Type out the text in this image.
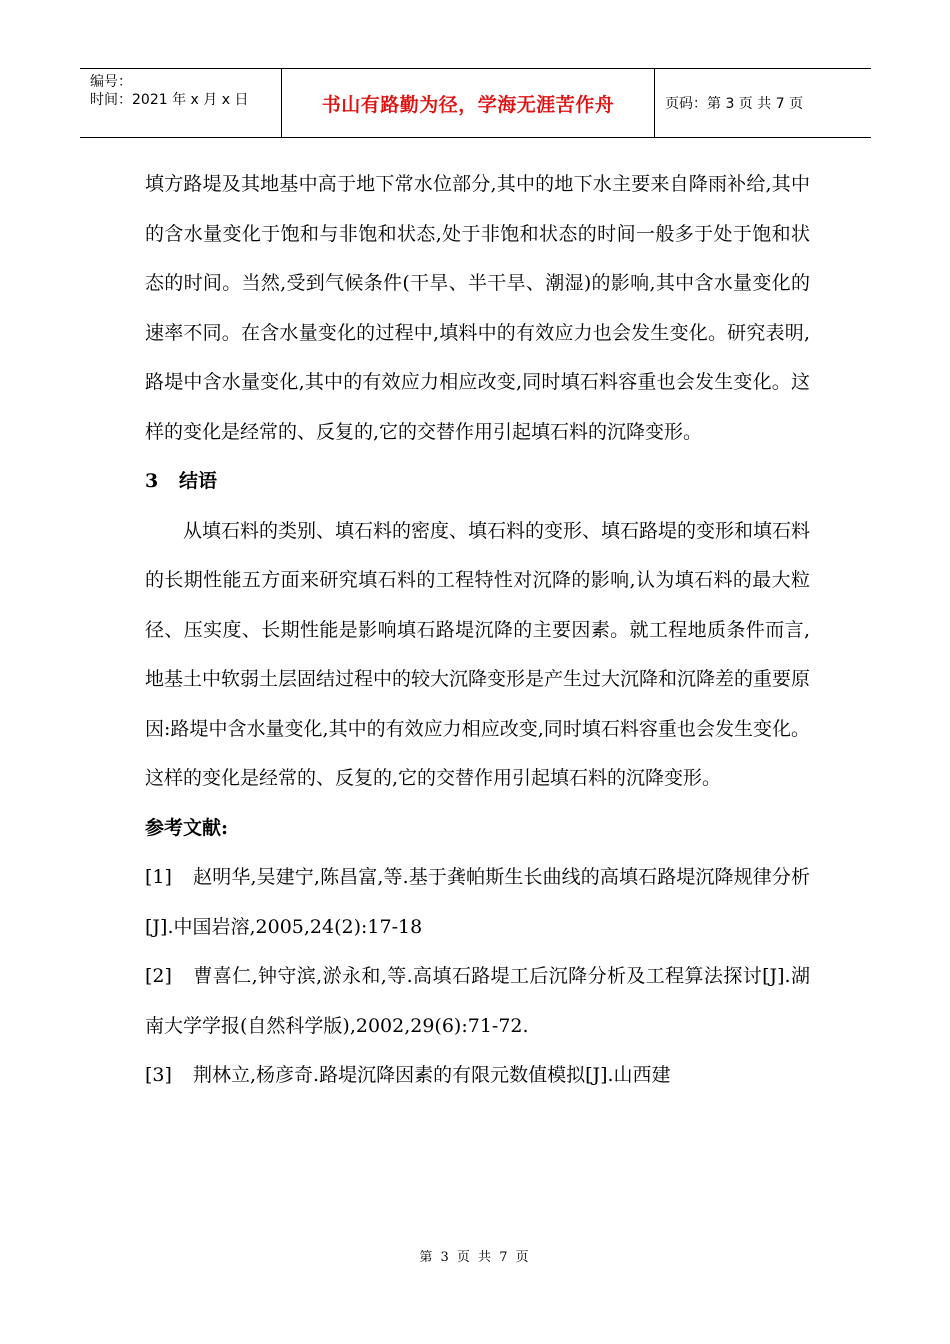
编号：
时间：2021 年 x 月 x 日	书山有路勤为径，学海无涯苦作舟	页码：第 3 页 共 7 页

填方路堤及其地基中高于地下常水位部分,其中的地下水主要来自降雨补给,其中的含水量变化于饱和与非饱和状态,处于非饱和状态的时间一般多于处于饱和状态的时间。当然,受到气候条件(干旱、半干旱、潮湿)的影响,其中含水量变化的速率不同。在含水量变化的过程中,填料中的有效应力也会发生变化。研究表明,路堤中含水量变化,其中的有效应力相应改变,同时填石料容重也会发生变化。这样的变化是经常的、反复的,它的交替作用引起填石料的沉降变形。

3 结语

从填石料的类别、填石料的密度、填石料的变形、填石路堤的变形和填石料的长期性能五方面来研究填石料的工程特性对沉降的影响,认为填石料的最大粒径、压实度、长期性能是影响填石路堤沉降的主要因素。就工程地质条件而言,地基土中软弱土层固结过程中的较大沉降变形是产生过大沉降和沉降差的重要原因:路堤中含水量变化,其中的有效应力相应改变,同时填石料容重也会发生变化。这样的变化是经常的、反复的,它的交替作用引起填石料的沉降变形。

参考文献:

[1] 赵明华,吴建宁,陈昌富,等.基于龚帕斯生长曲线的高填石路堤沉降规律分析[J].中国岩溶,2005,24(2):17-18

[2] 曹喜仁,钟守滨,淤永和,等.高填石路堤工后沉降分析及工程算法探讨[J].湖南大学学报(自然科学版),2002,29(6):71-72.

[3] 荆林立,杨彦奇.路堤沉降因素的有限元数值模拟[J].山西建

第 3 页 共 7 页
